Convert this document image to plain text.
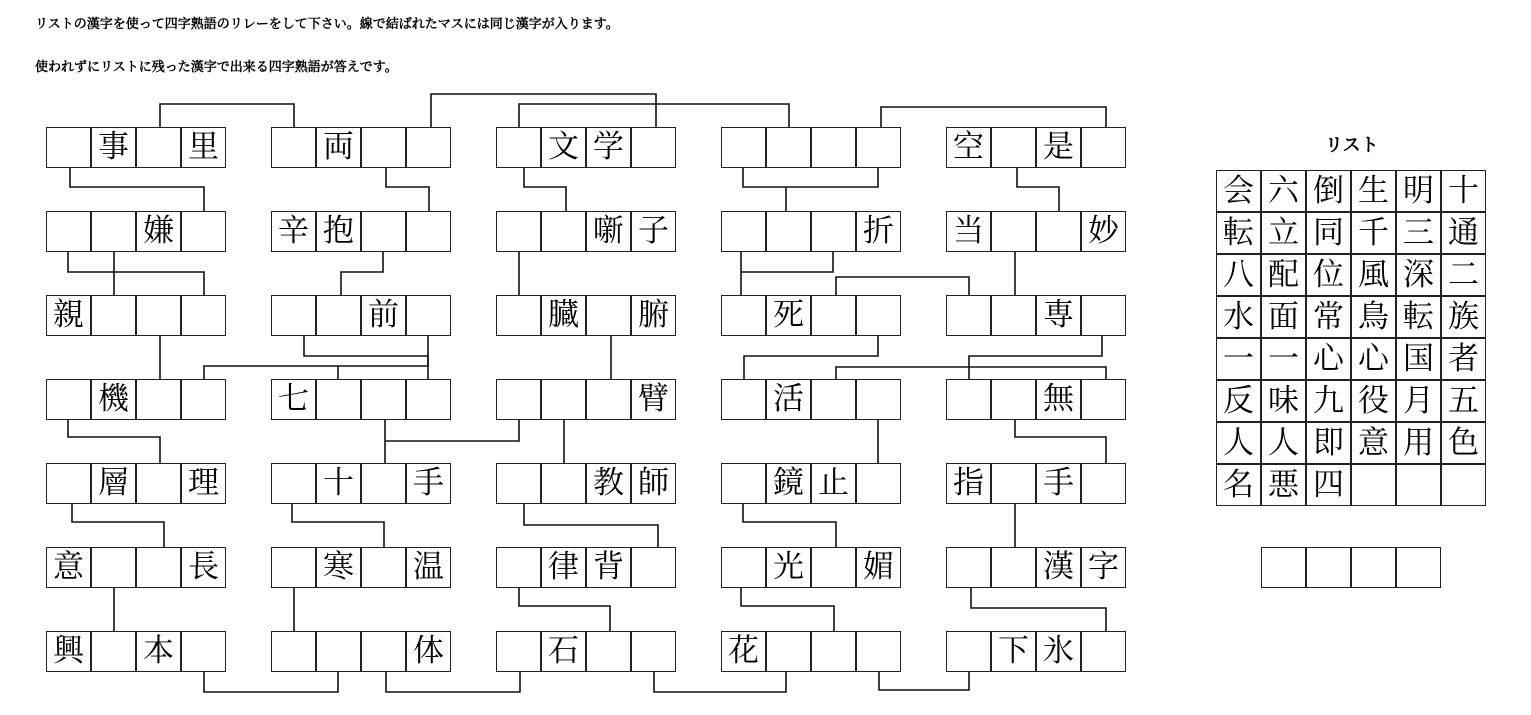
リストの漢字を使って四字熟語のリレーをして下さい。線で結ばれたマスには同じ漢字が入ります。
使われずにリストに残った漢字で出来る四字熟語が答えです。
事 里
嫌
親
機
層 理
意	長
興 本
両
辛 抱
前
七
十 手
寒 温
体
文 学
噺 子
臓 腑
臂
教 師
律 背
石
折
死
活
鏡 止
光 媚
花
空 是
当	妙
専
無
指 手
漢 字
下 氷
リスト
会 六 倒 生 明 十
転 立 同 千 三 通
八 配 位 風 深 二
水 面 常 鳥 転 族
一 一 心 心 国 者
反 味 九 役 月 五
人 人 即 意 用 色
名 悪 四
